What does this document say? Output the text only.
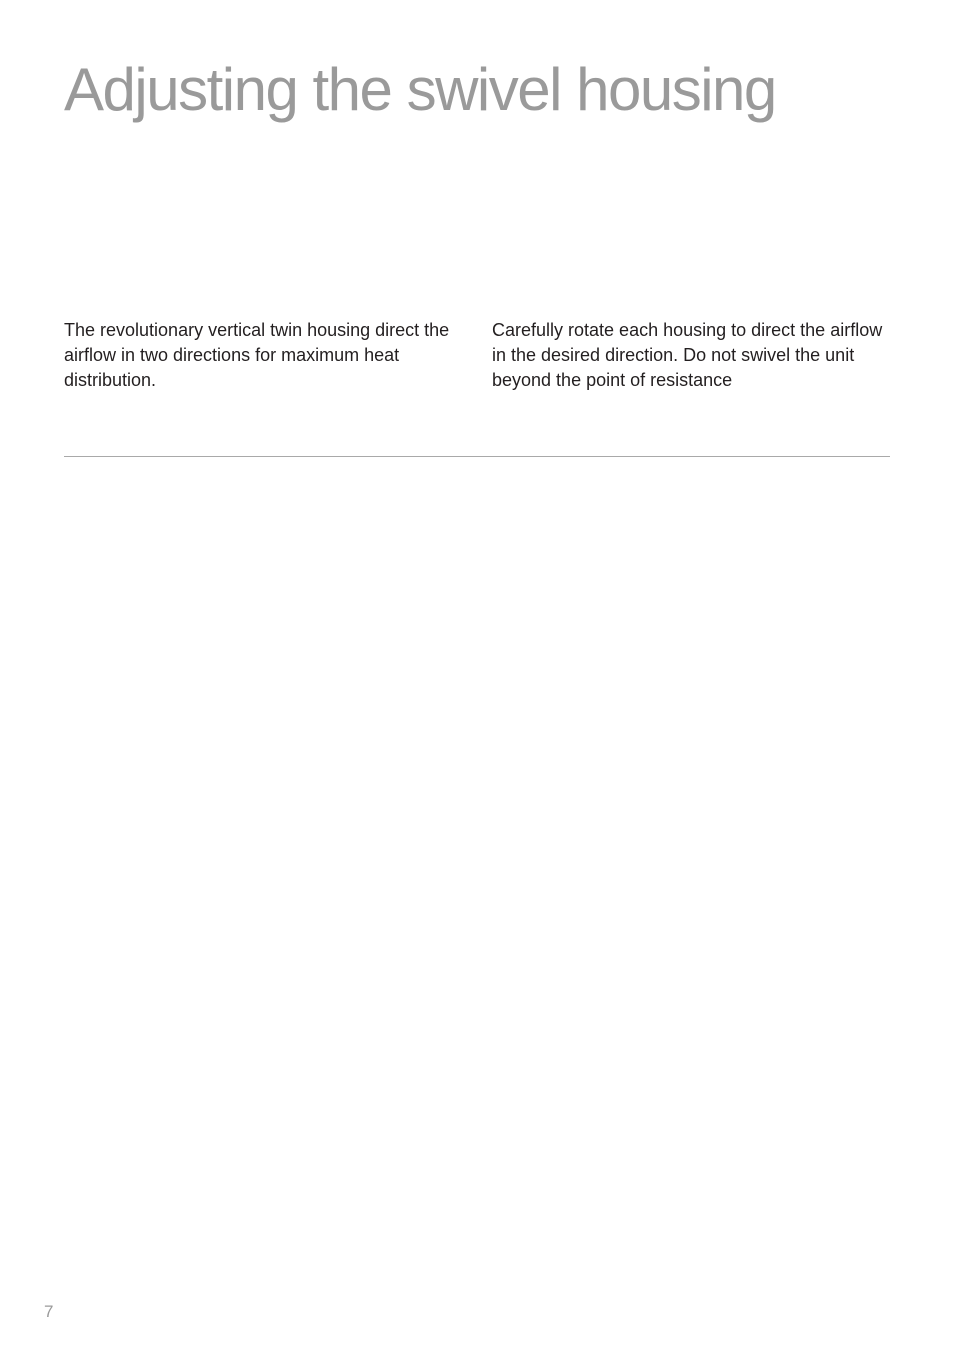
Adjusting the swivel housing

The revolutionary vertical twin housing direct the airflow in two directions for maximum heat distribution.

Carefully rotate each housing to direct the airflow in the desired direction. Do not swivel the unit beyond the point of resistance

7
